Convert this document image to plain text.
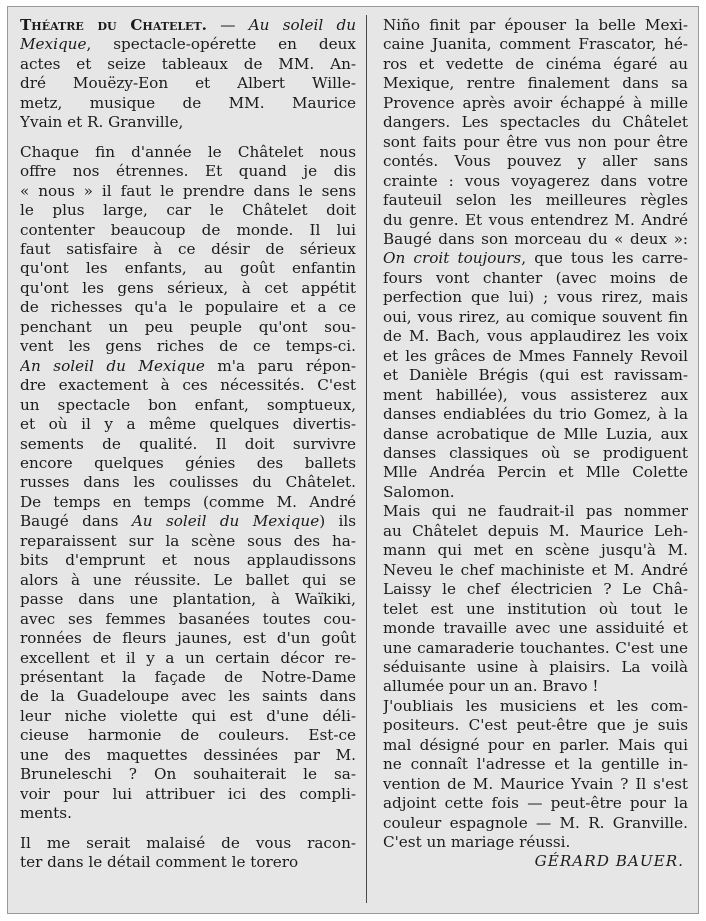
Théatre du Chatelet. — Au soleil du
Mexique, spectacle-opérette en deux
actes et seize tableaux de MM. An-
dré Mouëzy-Eon et Albert Wille-
metz, musique de MM. Maurice
Yvain et R. Granville,
Chaque fin d'année le Châtelet nous
offre nos étrennes. Et quand je dis
« nous » il faut le prendre dans le sens
le plus large, car le Châtelet doit
contenter beaucoup de monde. Il lui
faut satisfaire à ce désir de sérieux
qu'ont les enfants, au goût enfantin
qu'ont les gens sérieux, à cet appétit
de richesses qu'a le populaire et a ce
penchant un peu peuple qu'ont sou-
vent les gens riches de ce temps-ci.
An soleil du Mexique m'a paru répon-
dre exactement à ces nécessités. C'est
un spectacle bon enfant, somptueux,
et où il y a même quelques divertis-
sements de qualité. Il doit survivre
encore quelques génies des ballets
russes dans les coulisses du Châtelet.
De temps en temps (comme M. André
Baugé dans Au soleil du Mexique) ils
reparaissent sur la scène sous des ha-
bits d'emprunt et nous applaudissons
alors à une réussite. Le ballet qui se
passe dans une plantation, à Waïkiki,
avec ses femmes basanées toutes cou-
ronnées de fleurs jaunes, est d'un goût
excellent et il y a un certain décor re-
présentant la façade de Notre-Dame
de la Guadeloupe avec les saints dans
leur niche violette qui est d'une déli-
cieuse harmonie de couleurs. Est-ce
une des maquettes dessinées par M.
Bruneleschi ? On souhaiterait le sa-
voir pour lui attribuer ici des compli-
ments.
Il me serait malaisé de vous racon-
ter dans le détail comment le torero
Niño finit par épouser la belle Mexi-
caine Juanita, comment Frascator, hé-
ros et vedette de cinéma égaré au
Mexique, rentre finalement dans sa
Provence après avoir échappé à mille
dangers. Les spectacles du Châtelet
sont faits pour être vus non pour être
contés. Vous pouvez y aller sans
crainte : vous voyagerez dans votre
fauteuil selon les meilleures règles
du genre. Et vous entendrez M. André
Baugé dans son morceau du « deux »:
On croit toujours, que tous les carre-
fours vont chanter (avec moins de
perfection que lui) ; vous rirez, mais
oui, vous rirez, au comique souvent fin
de M. Bach, vous applaudirez les voix
et les grâces de Mmes Fannely Revoil
et Danièle Brégis (qui est ravissam-
ment habillée), vous assisterez aux
danses endiablées du trio Gomez, à la
danse acrobatique de Mlle Luzia, aux
danses classiques où se prodiguent
Mlle Andréa Percin et Mlle Colette
Salomon.
Mais qui ne faudrait-il pas nommer
au Châtelet depuis M. Maurice Leh-
mann qui met en scène jusqu'à M.
Neveu le chef machiniste et M. André
Laissy le chef électricien ? Le Châ-
telet est une institution où tout le
monde travaille avec une assiduité et
une camaraderie touchantes. C'est une
séduisante usine à plaisirs. La voilà
allumée pour un an. Bravo !
J'oubliais les musiciens et les com-
positeurs. C'est peut-être que je suis
mal désigné pour en parler. Mais qui
ne connaît l'adresse et la gentille in-
vention de M. Maurice Yvain ? Il s'est
adjoint cette fois — peut-être pour la
couleur espagnole — M. R. Granville.
C'est un mariage réussi.
GÉRARD BAUER.
